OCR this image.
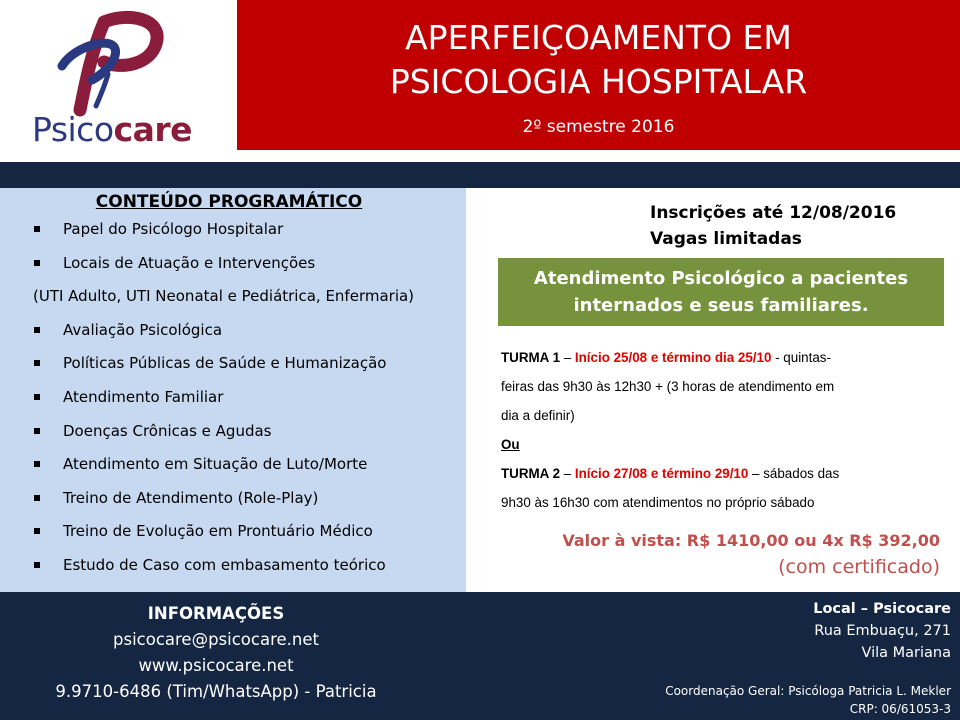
Psicocare
APERFEIÇOAMENTO EM
PSICOLOGIA HOSPITALAR
2º semestre 2016
CONTEÚDO PROGRAMÁTICO
Papel do Psicólogo Hospitalar
Locais de Atuação e Intervenções
(UTI Adulto, UTI Neonatal e Pediátrica, Enfermaria)
Avaliação Psicológica
Políticas Públicas de Saúde e Humanização
Atendimento Familiar
Doenças Crônicas e Agudas
Atendimento em Situação de Luto/Morte
Treino de Atendimento (Role-Play)
Treino de Evolução em Prontuário Médico
Estudo de Caso com embasamento teórico
Inscrições até 12/08/2016
Vagas limitadas
Atendimento Psicológico a pacientes
internados e seus familiares.
TURMA 1 – Início 25/08 e término dia 25/10 - quintas-
feiras das 9h30 às 12h30 + (3 horas de atendimento em
dia a definir)
Ou
TURMA 2 – Início 27/08 e término 29/10 – sábados das
9h30 às 16h30 com atendimentos no próprio sábado
Valor à vista: R$ 1410,00 ou 4x R$ 392,00
(com certificado)
INFORMAÇÕES
psicocare@psicocare.net
www.psicocare.net
9.9710-6486 (Tim/WhatsApp) - Patricia
Local – Psicocare
Rua Embuaçu, 271
Vila Mariana
Coordenação Geral: Psicóloga Patricia L. Mekler
CRP: 06/61053-3
